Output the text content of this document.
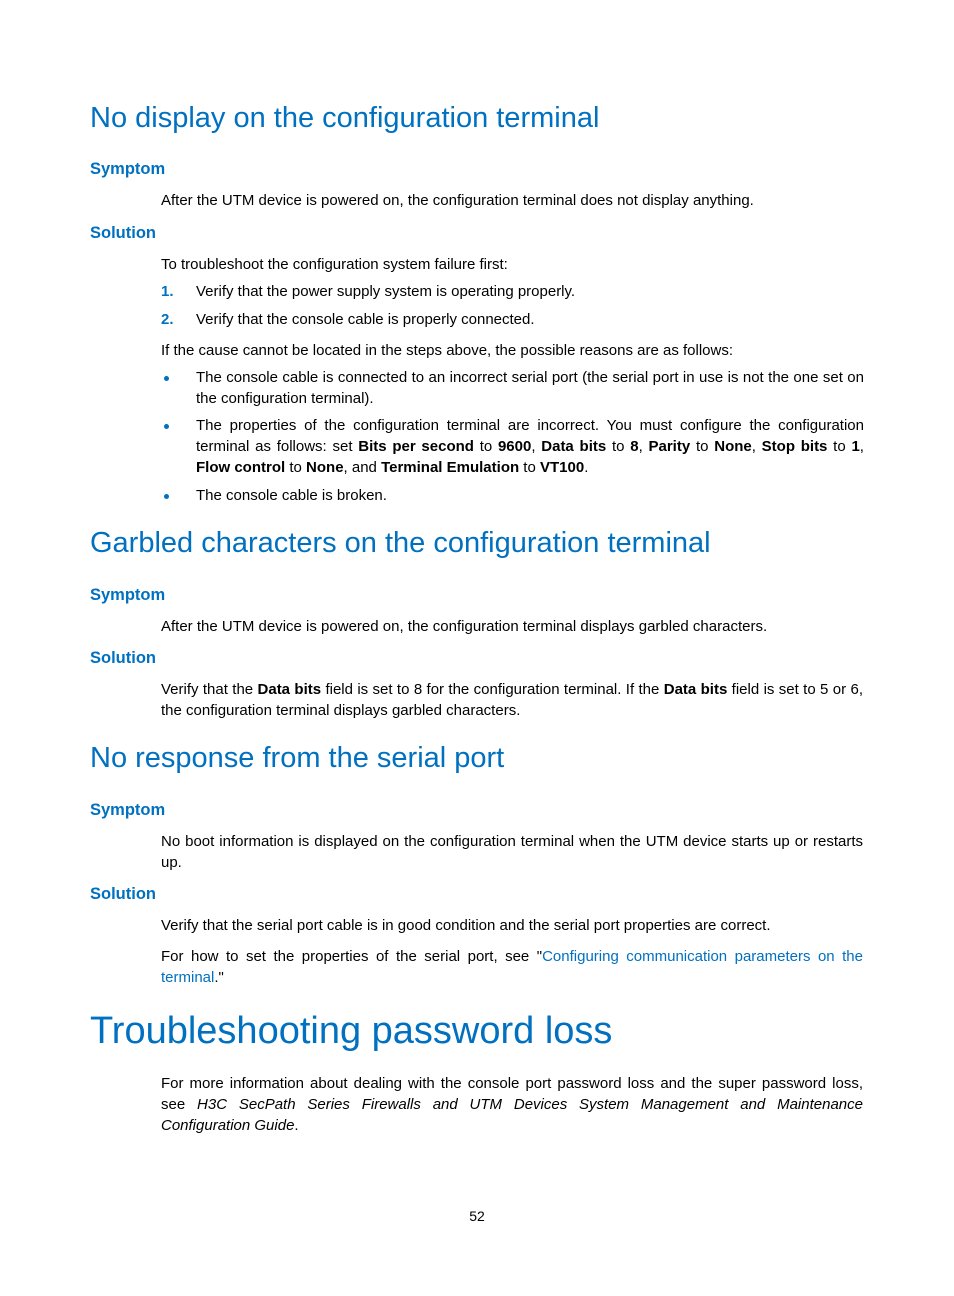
No display on the configuration terminal
Symptom
After the UTM device is powered on, the configuration terminal does not display anything.
Solution
To troubleshoot the configuration system failure first:
1. Verify that the power supply system is operating properly.
2. Verify that the console cable is properly connected.
If the cause cannot be located in the steps above, the possible reasons are as follows:
The console cable is connected to an incorrect serial port (the serial port in use is not the one set on the configuration terminal).
The properties of the configuration terminal are incorrect. You must configure the configuration terminal as follows: set Bits per second to 9600, Data bits to 8, Parity to None, Stop bits to 1, Flow control to None, and Terminal Emulation to VT100.
The console cable is broken.
Garbled characters on the configuration terminal
Symptom
After the UTM device is powered on, the configuration terminal displays garbled characters.
Solution
Verify that the Data bits field is set to 8 for the configuration terminal. If the Data bits field is set to 5 or 6, the configuration terminal displays garbled characters.
No response from the serial port
Symptom
No boot information is displayed on the configuration terminal when the UTM device starts up or restarts up.
Solution
Verify that the serial port cable is in good condition and the serial port properties are correct.
For how to set the properties of the serial port, see "Configuring communication parameters on the terminal."
Troubleshooting password loss
For more information about dealing with the console port password loss and the super password loss, see H3C SecPath Series Firewalls and UTM Devices System Management and Maintenance Configuration Guide.
52
